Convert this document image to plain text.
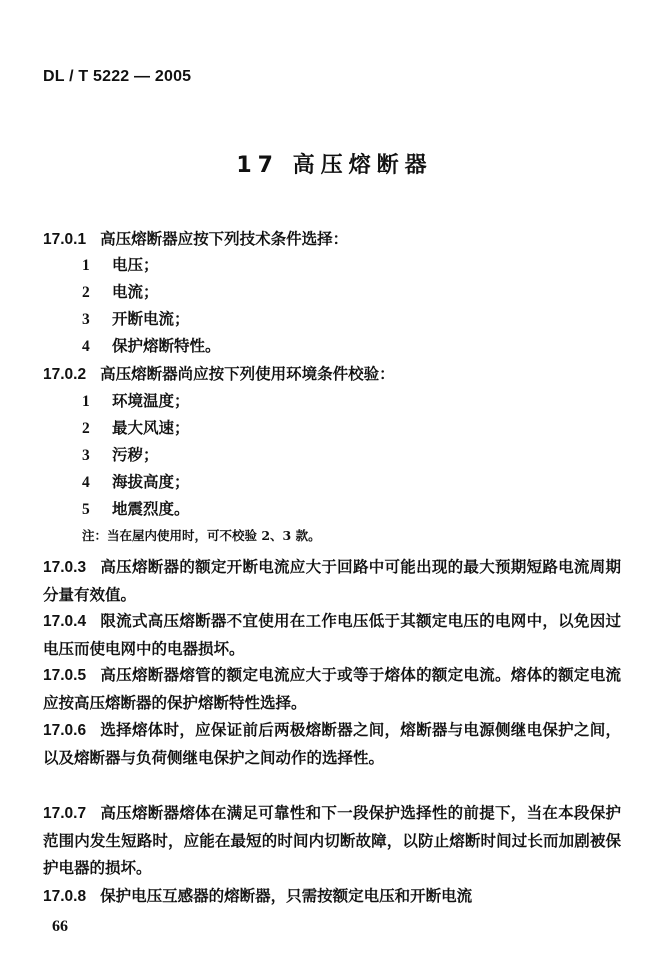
DL / T 5222 — 2005
17 高压熔断器
17.0.1 高压熔断器应按下列技术条件选择：
1 电压；
2 电流；
3 开断电流；
4 保护熔断特性。
17.0.2 高压熔断器尚应按下列使用环境条件校验：
1 环境温度；
2 最大风速；
3 污秽；
4 海拔高度；
5 地震烈度。
注：当在屋内使用时，可不校验 2、3 款。
17.0.3 高压熔断器的额定开断电流应大于回路中可能出现的最大预期短路电流周期分量有效值。
17.0.4 限流式高压熔断器不宜使用在工作电压低于其额定电压的电网中，以免因过电压而使电网中的电器损坏。
17.0.5 高压熔断器熔管的额定电流应大于或等于熔体的额定电流。熔体的额定电流应按高压熔断器的保护熔断特性选择。
17.0.6 选择熔体时，应保证前后两极熔断器之间，熔断器与电源侧继电保护之间，以及熔断器与负荷侧继电保护之间动作的选择性。
17.0.7 高压熔断器熔体在满足可靠性和下一段保护选择性的前提下，当在本段保护范围内发生短路时，应能在最短的时间内切断故障，以防止熔断时间过长而加剧被保护电器的损坏。
17.0.8 保护电压互感器的熔断器，只需按额定电压和开断电流
66
